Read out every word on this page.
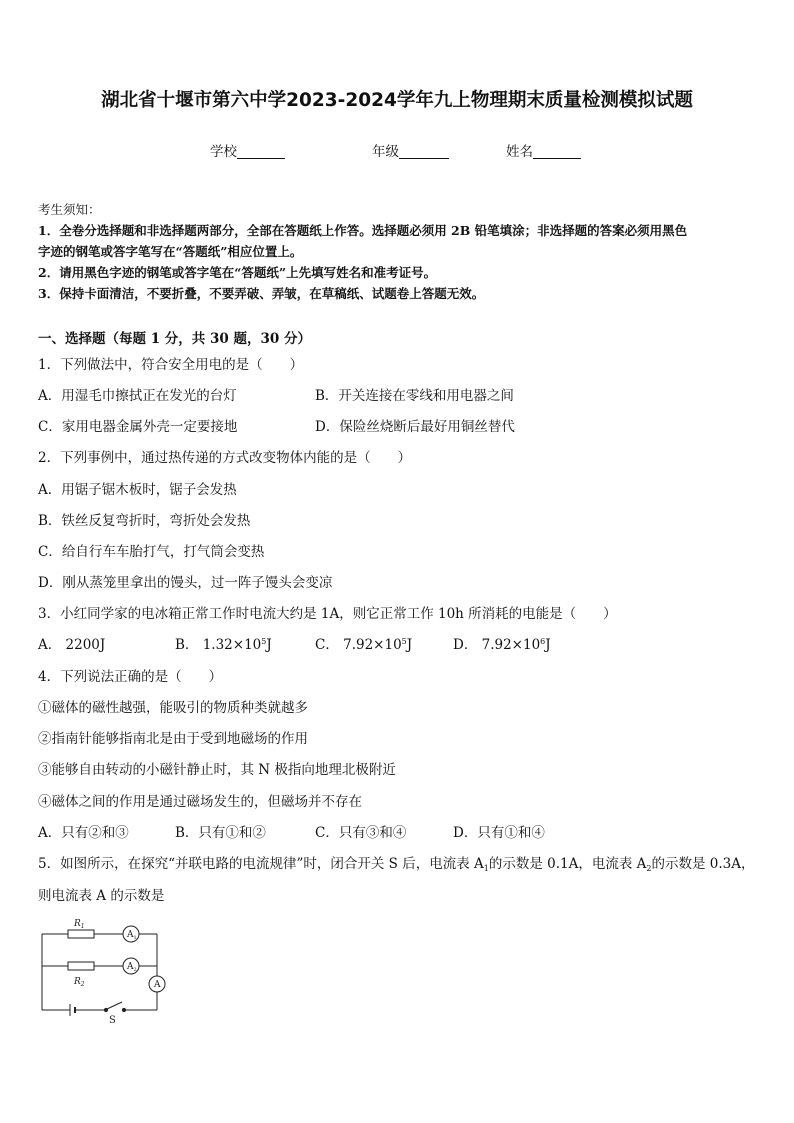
湖北省十堰市第六中学2023-2024学年九上物理期末质量检测模拟试题
学校	年级	姓名
考生须知：
1．全卷分选择题和非选择题两部分，全部在答题纸上作答。选择题必须用 2B 铅笔填涂；非选择题的答案必须用黑色
字迹的钢笔或答字笔写在“答题纸”相应位置上。
2．请用黑色字迹的钢笔或答字笔在“答题纸”上先填写姓名和准考证号。
3．保持卡面清洁，不要折叠，不要弄破、弄皱，在草稿纸、试题卷上答题无效。
一、选择题（每题 1 分，共 30 题，30 分）
1．下列做法中，符合安全用电的是（　　）
A．用湿毛巾擦拭正在发光的台灯	B．开关连接在零线和用电器之间
C．家用电器金属外壳一定要接地	D．保险丝烧断后最好用铜丝替代
2．下列事例中，通过热传递的方式改变物体内能的是（　　）
A．用锯子锯木板时，锯子会发热
B．铁丝反复弯折时，弯折处会发热
C．给自行车车胎打气，打气筒会变热
D．刚从蒸笼里拿出的馒头，过一阵子馒头会变凉
3．小红同学家的电冰箱正常工作时电流大约是 1A，则它正常工作 10h 所消耗的电能是（　　）
A． 2200J	B． $1.32\times 10^5J$	C． $7.92\times 10^5J$	D． $7.92\times 10^6J$
4．下列说法正确的是（　　）
①磁体的磁性越强，能吸引的物质种类就越多
②指南针能够指南北是由于受到地磁场的作用
③能够自由转动的小磁针静止时，其 N 极指向地理北极附近
④磁体之间的作用是通过磁场发生的，但磁场并不存在
A．只有②和③	B．只有①和②	C．只有③和④	D．只有①和④
5．如图所示，在探究“并联电路的电流规律”时，闭合开关 S 后，电流表 $A_1$的示数是 0.1A，电流表 $A_2$的示数是 0.3A，
则电流表 A 的示数是
$R_1$
$R_2$
$A_1$
$A_2$
A
S
